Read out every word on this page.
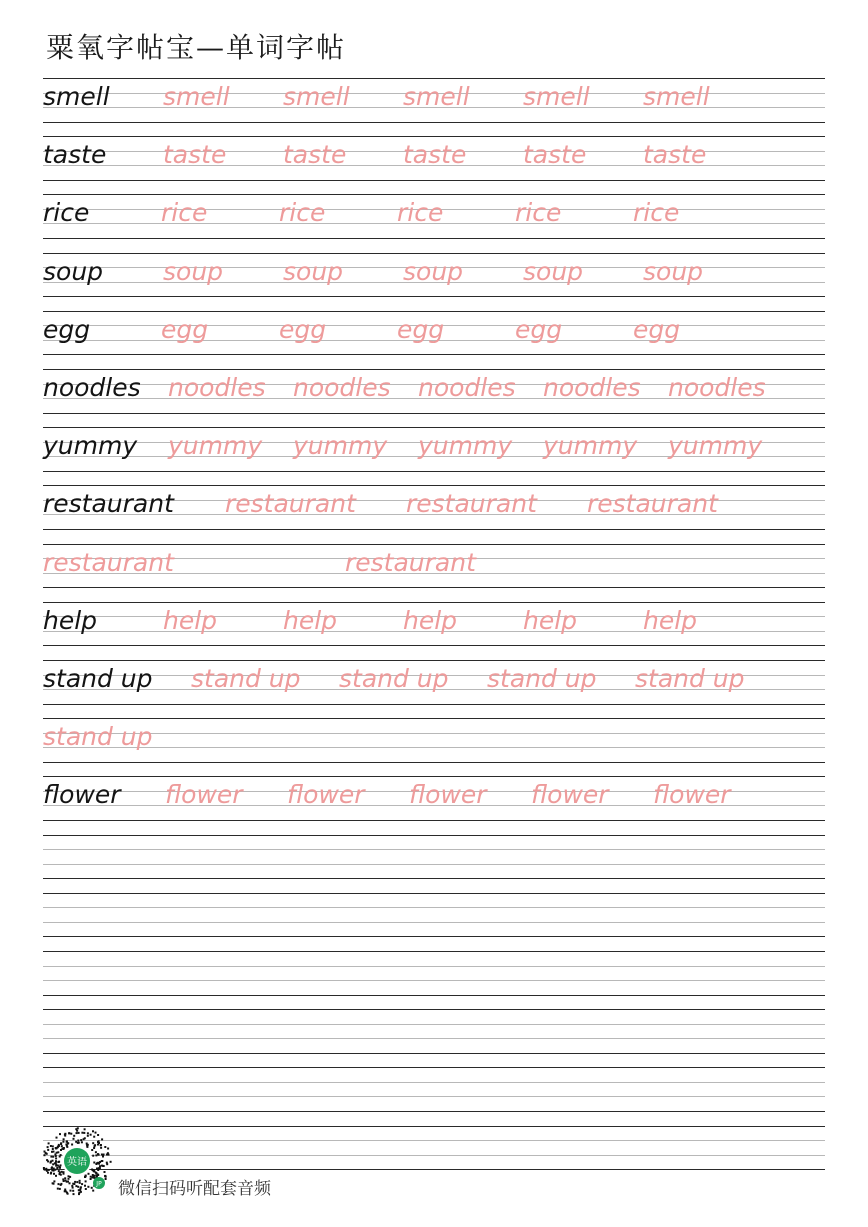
粟氧字帖宝—单词字帖
smell smell smell smell smell smell
taste taste taste taste taste taste
rice	rice	rice	rice	rice	rice
soup soup soup soup soup soup
egg	egg	egg	egg	egg	egg
noodles noodles noodles noodles noodles noodles
yummy yummy yummy yummy yummy yummy
restaurant restaurant restaurant restaurant
restaurant	restaurant
help	help	help	help	help	help
stand up stand up stand up stand up stand up
stand up
flower flower flower flower flower flower
英语
JP 微信扫码听配套音频
